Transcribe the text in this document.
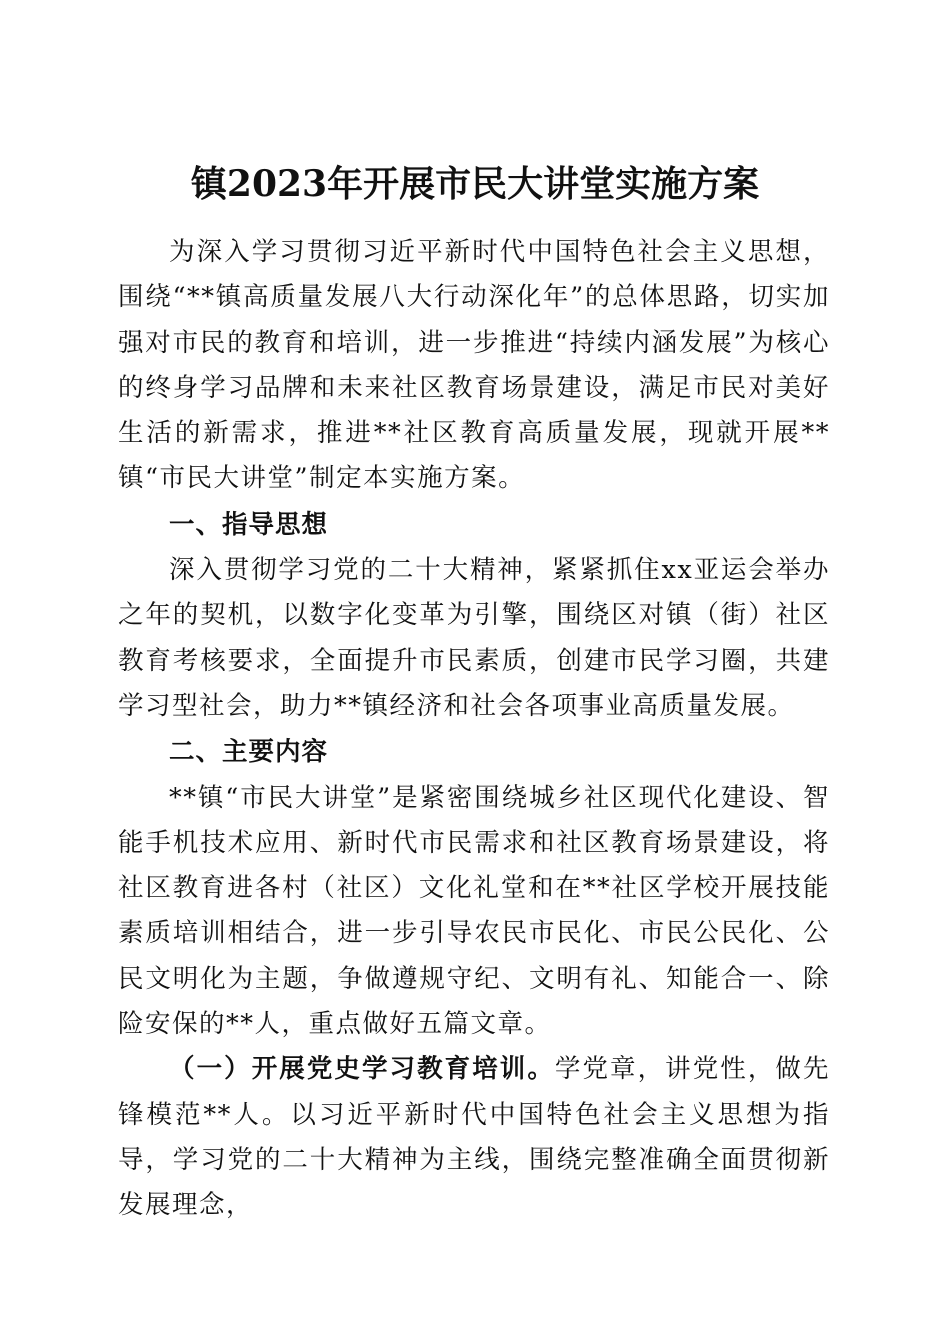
镇2023年开展市民大讲堂实施方案

为深入学习贯彻习近平新时代中国特色社会主义思想，围绕“**镇高质量发展八大行动深化年”的总体思路，切实加强对市民的教育和培训，进一步推进“持续内涵发展”为核心的终身学习品牌和未来社区教育场景建设，满足市民对美好生活的新需求，推进**社区教育高质量发展，现就开展**镇“市民大讲堂”制定本实施方案。

一、指导思想

深入贯彻学习党的二十大精神，紧紧抓住xx亚运会举办之年的契机，以数字化变革为引擎，围绕区对镇（街）社区教育考核要求，全面提升市民素质，创建市民学习圈，共建学习型社会，助力**镇经济和社会各项事业高质量发展。

二、主要内容

**镇“市民大讲堂”是紧密围绕城乡社区现代化建设、智能手机技术应用、新时代市民需求和社区教育场景建设，将社区教育进各村（社区）文化礼堂和在**社区学校开展技能素质培训相结合，进一步引导农民市民化、市民公民化、公民文明化为主题，争做遵规守纪、文明有礼、知能合一、除险安保的**人，重点做好五篇文章。

（一）开展党史学习教育培训。学党章，讲党性，做先锋模范**人。以习近平新时代中国特色社会主义思想为指导，学习党的二十大精神为主线，围绕完整准确全面贯彻新发展理念，
